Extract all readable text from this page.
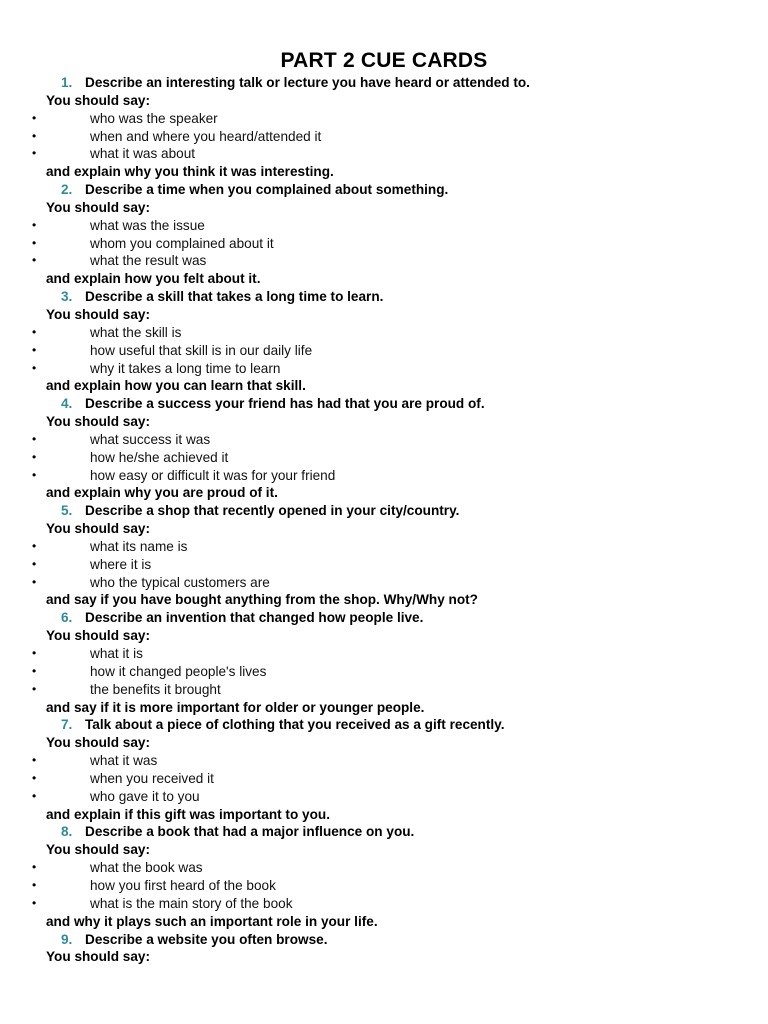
PART 2 CUE CARDS
1. Describe an interesting talk or lecture you have heard or attended to.
You should say:
•	who was the speaker
•	when and where you heard/attended it
•	what it was about
and explain why you think it was interesting.
2. Describe a time when you complained about something.
You should say:
•	what was the issue
•	whom you complained about it
•	what the result was
and explain how you felt about it.
3. Describe a skill that takes a long time to learn.
You should say:
•	what the skill is
•	how useful that skill is in our daily life
•	why it takes a long time to learn
and explain how you can learn that skill.
4. Describe a success your friend has had that you are proud of.
You should say:
•	what success it was
•	how he/she achieved it
•	how easy or difficult it was for your friend
and explain why you are proud of it.
5. Describe a shop that recently opened in your city/country.
You should say:
•	what its name is
•	where it is
•	who the typical customers are
and say if you have bought anything from the shop. Why/Why not?
6. Describe an invention that changed how people live.
You should say:
•	what it is
•	how it changed people's lives
•	the benefits it brought
and say if it is more important for older or younger people.
7. Talk about a piece of clothing that you received as a gift recently.
You should say:
•	what it was
•	when you received it
•	who gave it to you
and explain if this gift was important to you.
8. Describe a book that had a major influence on you.
You should say:
•	what the book was
•	how you first heard of the book
•	what is the main story of the book
and why it plays such an important role in your life.
9. Describe a website you often browse.
You should say:
